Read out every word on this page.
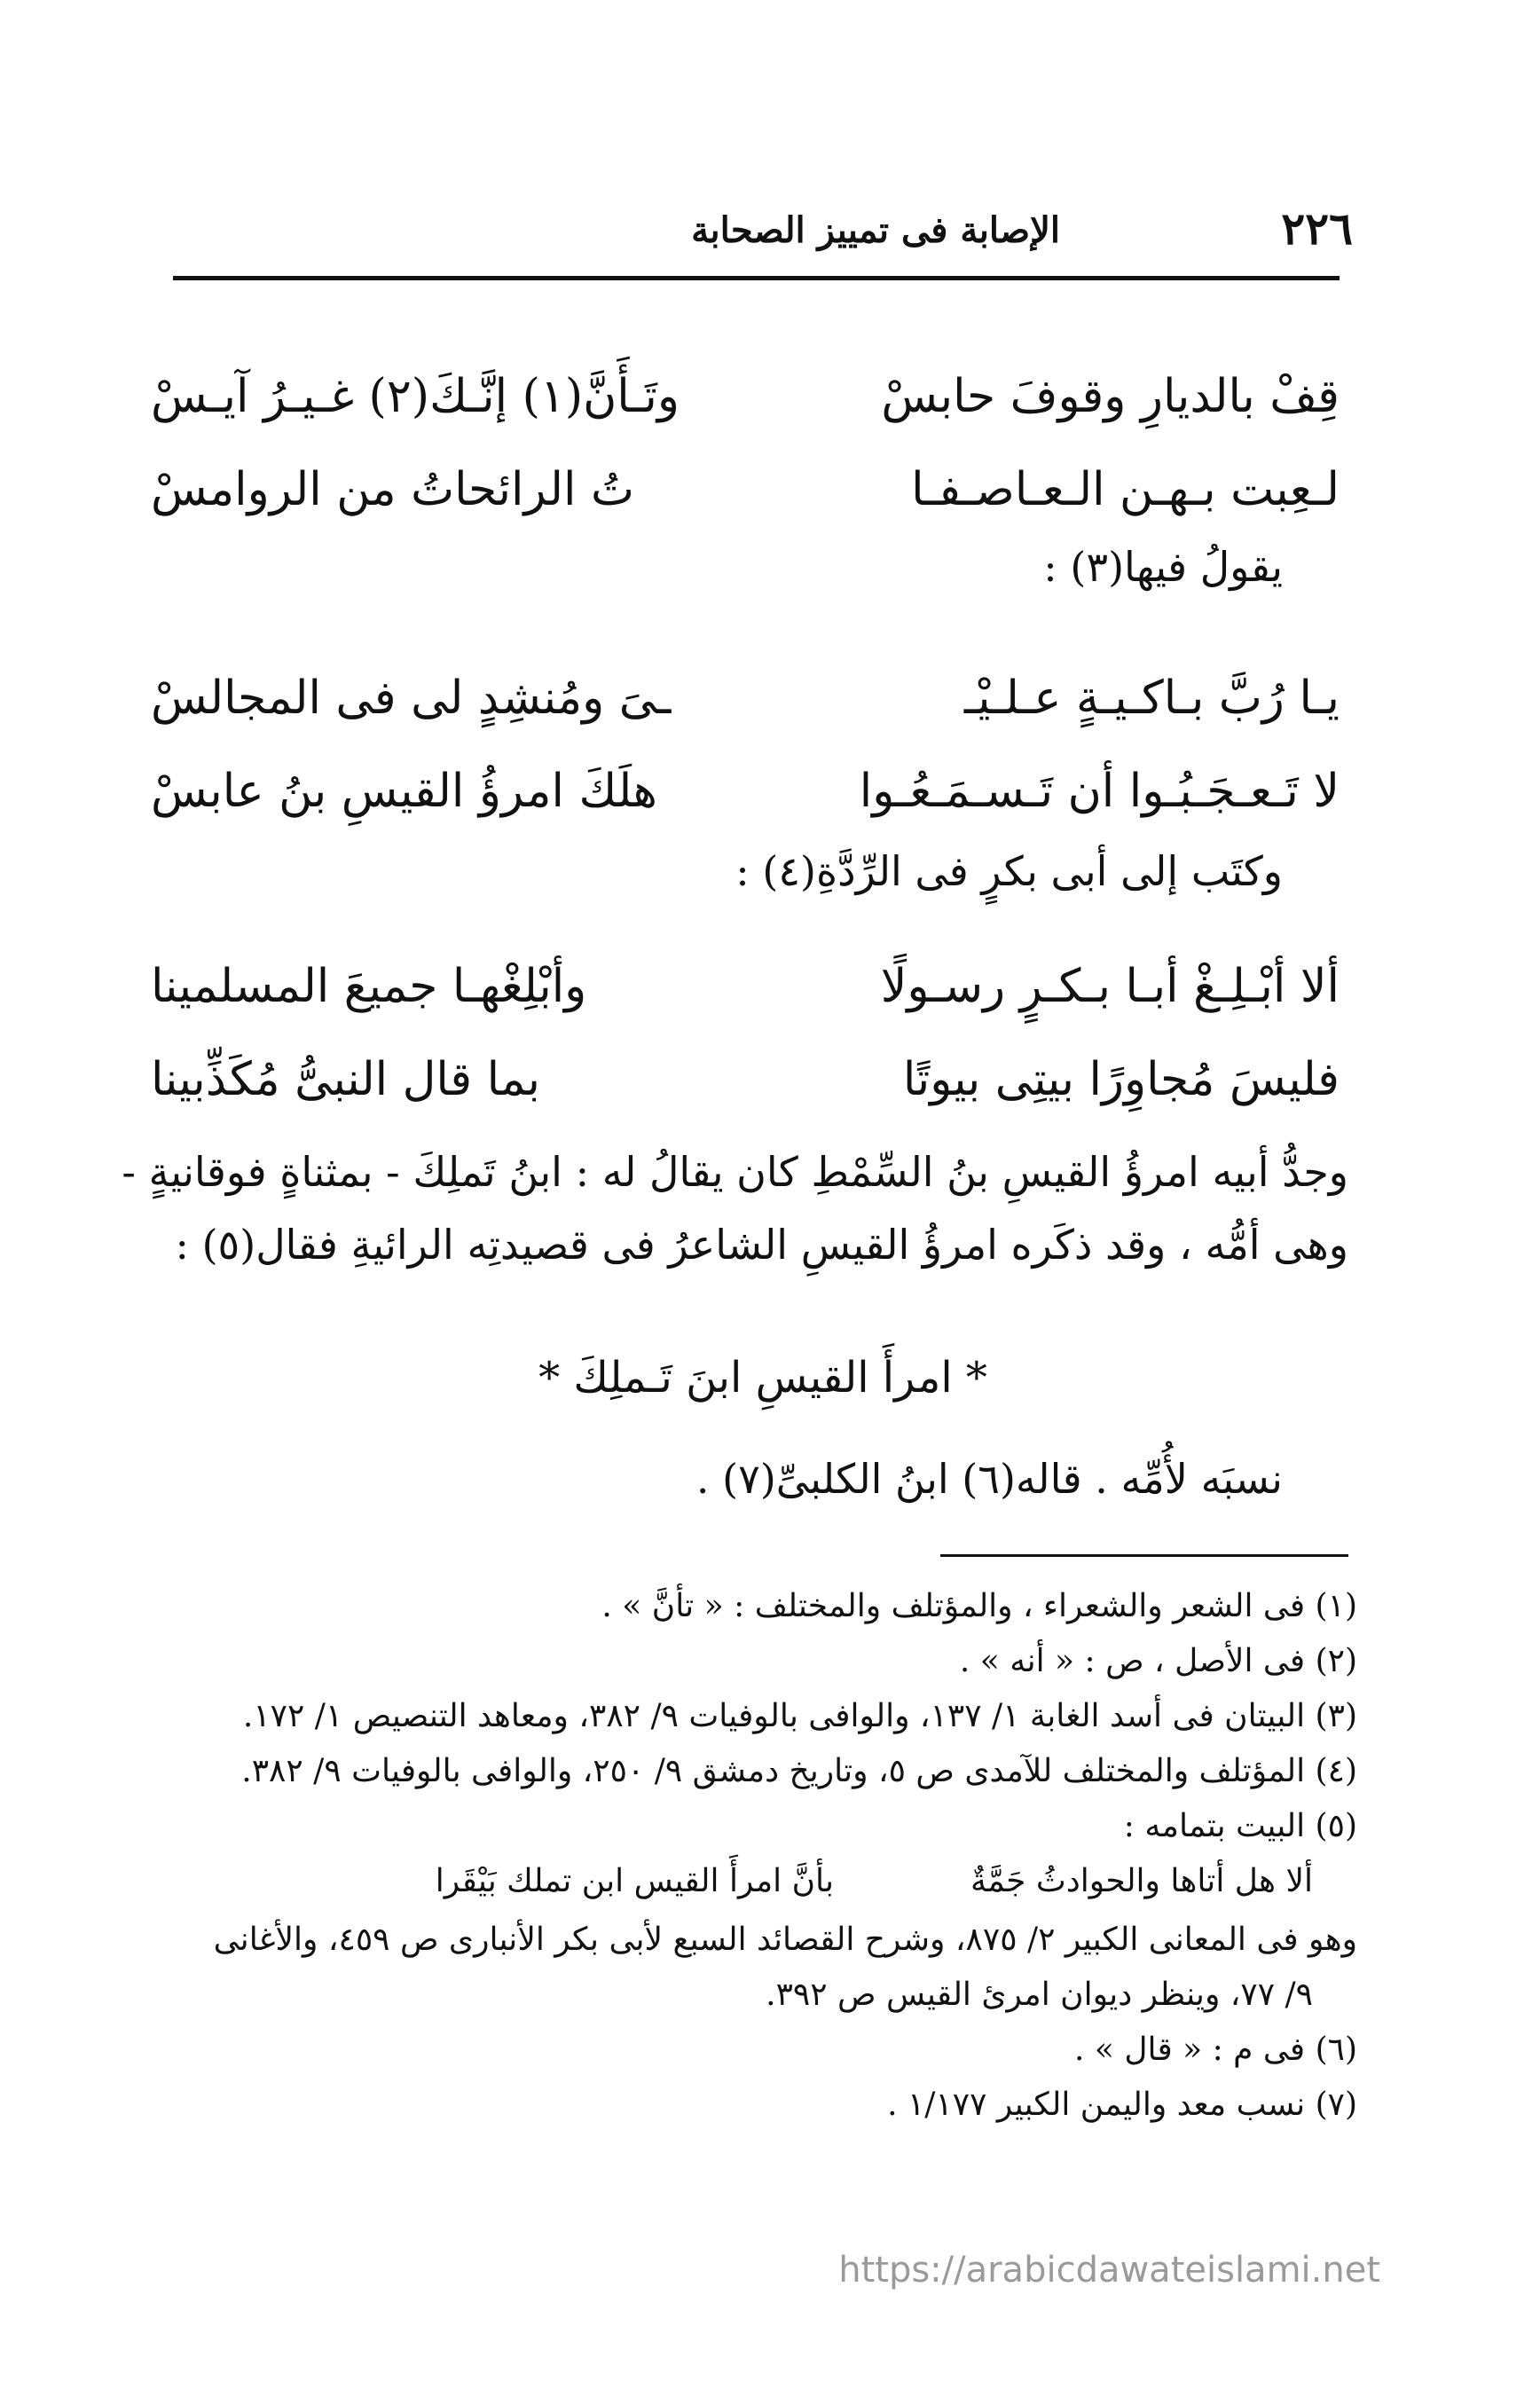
٢٢٦
الإصابة فى تمييز الصحابة
قِفْ بالديارِ وقوفَ حابسْ
وتَـأَنَّ(١) إنَّـكَ(٢) غـيـرُ آيـسْ
لـعِبت بـهـن الـعـاصـفـا
تُ الرائحاتُ من الروامسْ
يقولُ فيها(٣) :
يـا رُبَّ بـاكـيـةٍ عـلـيْـ
ـىَ ومُنشِدٍ لى فى المجالسْ
لا تَـعـجَـبُـوا أن تَـسـمَـعُـوا
هلَكَ امرؤُ القيسِ بنُ عابسْ
وكتَب إلى أبى بكرٍ فى الرِّدَّةِ(٤) :
ألا أبْـلِـغْ أبـا بـكـرٍ رسـولًا
وأبْلِغْهـا جميعَ المسلمينا
فليسَ مُجاوِرًا بيتِى بيوتًا
بما قال النبىُّ مُكَذِّبينا

وجدُّ أبيه امرؤُ القيسِ بنُ السِّمْطِ كان يقالُ له : ابنُ تَملِكَ - بمثناةٍ فوقانيةٍ -

وهى أمُّه ، وقد ذكَره امرؤُ القيسِ الشاعرُ فى قصيدتِه الرائيةِ فقال(٥) :

* امرأَ القيسِ ابنَ تَـملِكَ *
نسبَه لأُمِّه . قاله(٦) ابنُ الكلبىِّ(٧) .

(١) فى الشعر والشعراء ، والمؤتلف والمختلف : « تأنَّ » .

(٢) فى الأصل ، ص : « أنه » .

(٣) البيتان فى أسد الغابة ١/ ١٣٧، والوافى بالوفيات ٩/ ٣٨٢، ومعاهد التنصيص ١/ ١٧٢.

(٤) المؤتلف والمختلف للآمدى ص ٥، وتاريخ دمشق ٩/ ٢٥٠، والوافى بالوفيات ٩/ ٣٨٢.

(٥) البيت بتمامه :

ألا هل أتاها والحوادثُ جَمَّةٌ
بأنَّ امرأَ القيس ابن تملك بَيْقَرا

وهو فى المعانى الكبير ٢/ ٨٧٥، وشرح القصائد السبع لأبى بكر الأنبارى ص ٤٥٩، والأغانى

٩/ ٧٧، وينظر ديوان امرئ القيس ص ٣٩٢.

(٦) فى م : « قال » .

(٧) نسب معد واليمن الكبير ١/١٧٧ .

https://arabicdawateislami.net
